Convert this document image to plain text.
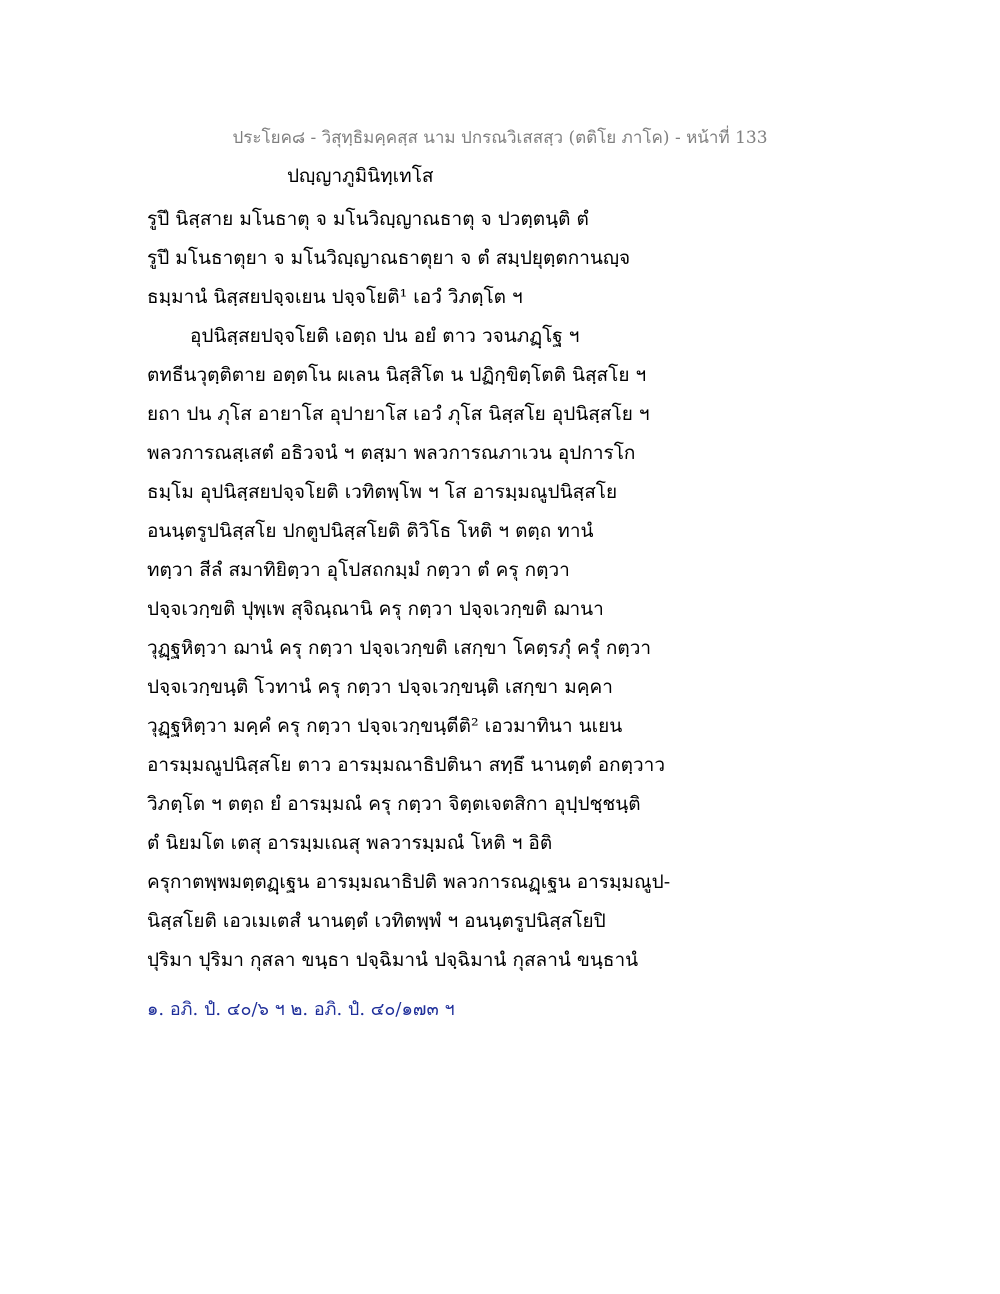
ประโยค๘ - วิสุทฺธิมคฺคสฺส นาม ปกรณวิเสสสฺว (ตติโย ภาโค) - หน้าที่ 133
ปญฺญาภูมินิทฺเทโส
รูปึ นิสฺสาย มโนธาตุ จ มโนวิญฺญาณธาตุ จ ปวตฺตนฺติ ตํ
รูปึ มโนธาตุยา จ มโนวิญฺญาณธาตุยา จ ตํ สมฺปยุตฺตกานญฺจ
ธมฺมานํ นิสฺสยปจฺจเยน ปจฺจโยติ¹ เอวํ วิภตฺโต ฯ
อุปนิสฺสยปจฺจโยติ เอตฺถ ปน อยํ ตาว วจนภฏฺโฐ ฯ
ตทธีนวุตฺติตาย อตฺตโน ผเลน นิสฺสิโต น ปฏิกฺขิตฺโตติ นิสฺสโย ฯ
ยถา ปน ภุโส อายาโส อุปายาโส เอวํ ภุโส นิสฺสโย อุปนิสฺสโย ฯ
พลวการณสฺเสตํ อธิวจนํ ฯ ตสฺมา พลวการณภาเวน อุปการโก
ธมฺโม อุปนิสฺสยปจฺจโยติ เวทิตพฺโพ ฯ โส อารมฺมณูปนิสฺสโย
อนนฺตรูปนิสฺสโย ปกตูปนิสฺสโยติ ติวิโธ โหติ ฯ ตตฺถ ทานํ
ทตฺวา สีลํ สมาทิยิตฺวา อุโปสถกมฺมํ กตฺวา ตํ ครุ กตฺวา
ปจฺจเวกฺขติ ปุพฺเพ สุจิณฺณานิ ครุ กตฺวา ปจฺจเวกฺขติ ฌานา
วุฏฺฐหิตฺวา ฌานํ ครุ กตฺวา ปจฺจเวกฺขติ เสกฺขา โคตฺรภุํ ครุํ กตฺวา
ปจฺจเวกฺขนฺติ โวทานํ ครุ กตฺวา ปจฺจเวกฺขนฺติ เสกฺขา มคฺคา
วุฏฺฐหิตฺวา มคฺคํ ครุ กตฺวา ปจฺจเวกฺขนฺตีติ² เอวมาทินา นเยน
อารมฺมณูปนิสฺสโย ตาว อารมฺมณาธิปตินา สทฺธึ นานตฺตํ อกตฺวาว
วิภตฺโต ฯ ตตฺถ ยํ อารมฺมณํ ครุ กตฺวา จิตฺตเจตสิกา อุปฺปชฺชนฺติ
ตํ นิยมโต เตสุ อารมฺมเณสุ พลวารมฺมณํ โหติ ฯ อิติ
ครุกาตพฺพมตฺตฏฺเฐน อารมฺมณาธิปติ พลวการณฏฺเฐน อารมฺมณูป-
นิสฺสโยติ เอวเมเตสํ นานตฺตํ เวทิตพฺพํ ฯ อนนฺตรูปนิสฺสโยปิ
ปุริมา ปุริมา กุสลา ขนฺธา ปจฺฉิมานํ ปจฺฉิมานํ กุสลานํ ขนฺธานํ
๑. อภิ. ปํ. ๔๐/๖ ฯ ๒. อภิ. ปํ. ๔๐/๑๗๓ ฯ
